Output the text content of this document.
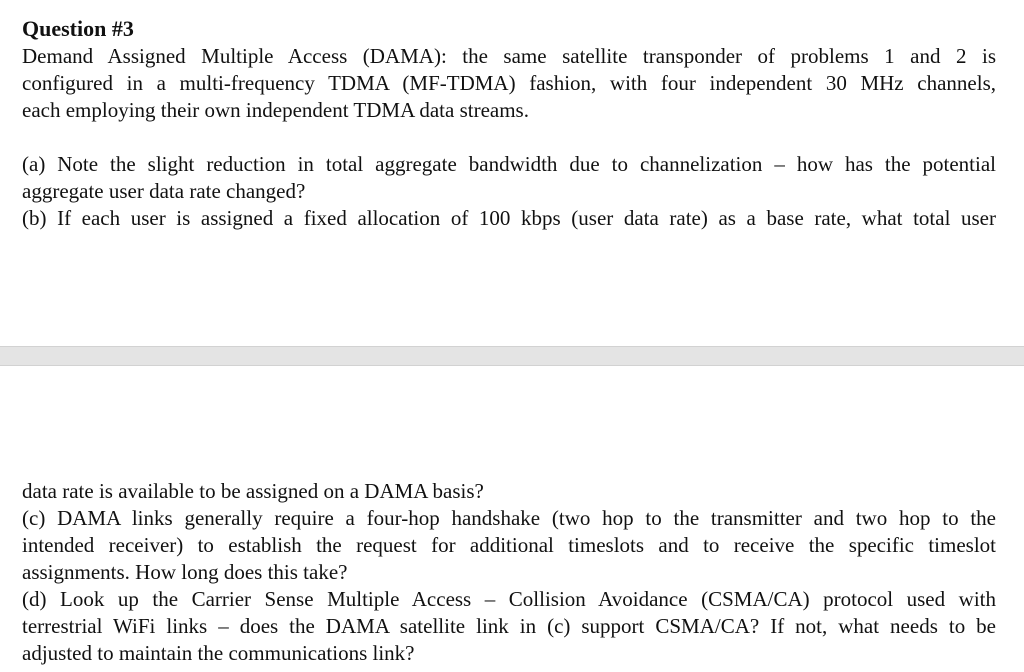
Question #3

Demand Assigned Multiple Access (DAMA): the same satellite transponder of problems 1 and 2 is
configured in a multi-frequency TDMA (MF-TDMA) fashion, with four independent 30 MHz channels,
each employing their own independent TDMA data streams.

(a) Note the slight reduction in total aggregate bandwidth due to channelization – how has the potential
aggregate user data rate changed?

(b) If each user is assigned a fixed allocation of 100 kbps (user data rate) as a base rate, what total user

data rate is available to be assigned on a DAMA basis?

(c) DAMA links generally require a four-hop handshake (two hop to the transmitter and two hop to the
intended receiver) to establish the request for additional timeslots and to receive the specific timeslot
assignments. How long does this take?

(d) Look up the Carrier Sense Multiple Access – Collision Avoidance (CSMA/CA) protocol used with
terrestrial WiFi links – does the DAMA satellite link in (c) support CSMA/CA? If not, what needs to be
adjusted to maintain the communications link?
